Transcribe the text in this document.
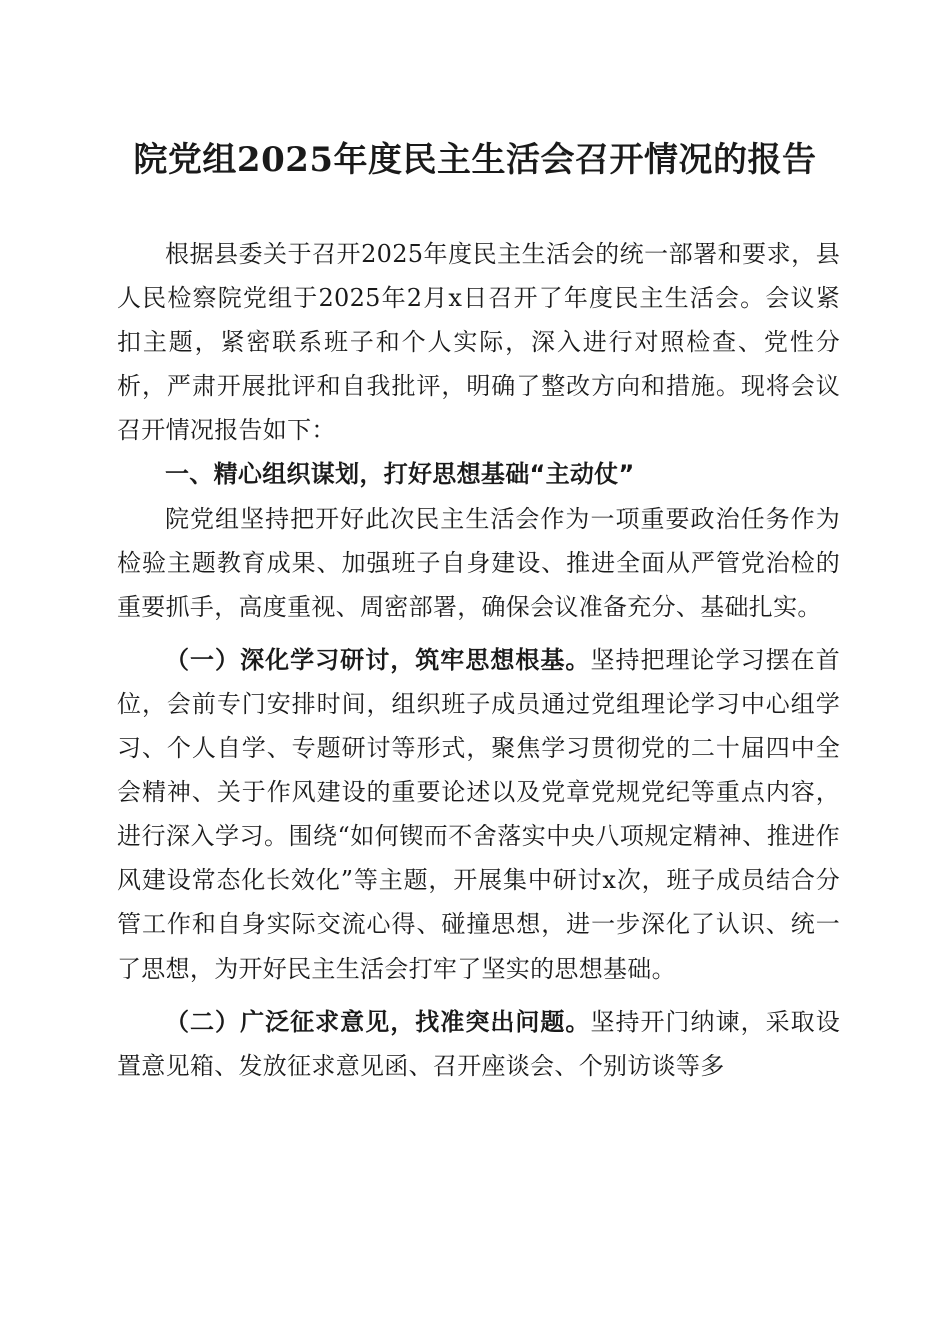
院党组2025年度民主生活会召开情况的报告

根据县委关于召开2025年度民主生活会的统一部署和要求，县人民检察院党组于2025年2月x日召开了年度民主生活会。会议紧扣主题，紧密联系班子和个人实际，深入进行对照检查、党性分析，严肃开展批评和自我批评，明确了整改方向和措施。现将会议召开情况报告如下：

一、精心组织谋划，打好思想基础“主动仗”

院党组坚持把开好此次民主生活会作为一项重要政治任务作为检验主题教育成果、加强班子自身建设、推进全面从严管党治检的重要抓手，高度重视、周密部署，确保会议准备充分、基础扎实。

（一）深化学习研讨，筑牢思想根基。坚持把理论学习摆在首位，会前专门安排时间，组织班子成员通过党组理论学习中心组学习、个人自学、专题研讨等形式，聚焦学习贯彻党的二十届四中全会精神、关于作风建设的重要论述以及党章党规党纪等重点内容，进行深入学习。围绕“如何锲而不舍落实中央八项规定精神、推进作风建设常态化长效化”等主题，开展集中研讨x次，班子成员结合分管工作和自身实际交流心得、碰撞思想，进一步深化了认识、统一了思想，为开好民主生活会打牢了坚实的思想基础。

（二）广泛征求意见，找准突出问题。坚持开门纳谏，采取设置意见箱、发放征求意见函、召开座谈会、个别访谈等多
